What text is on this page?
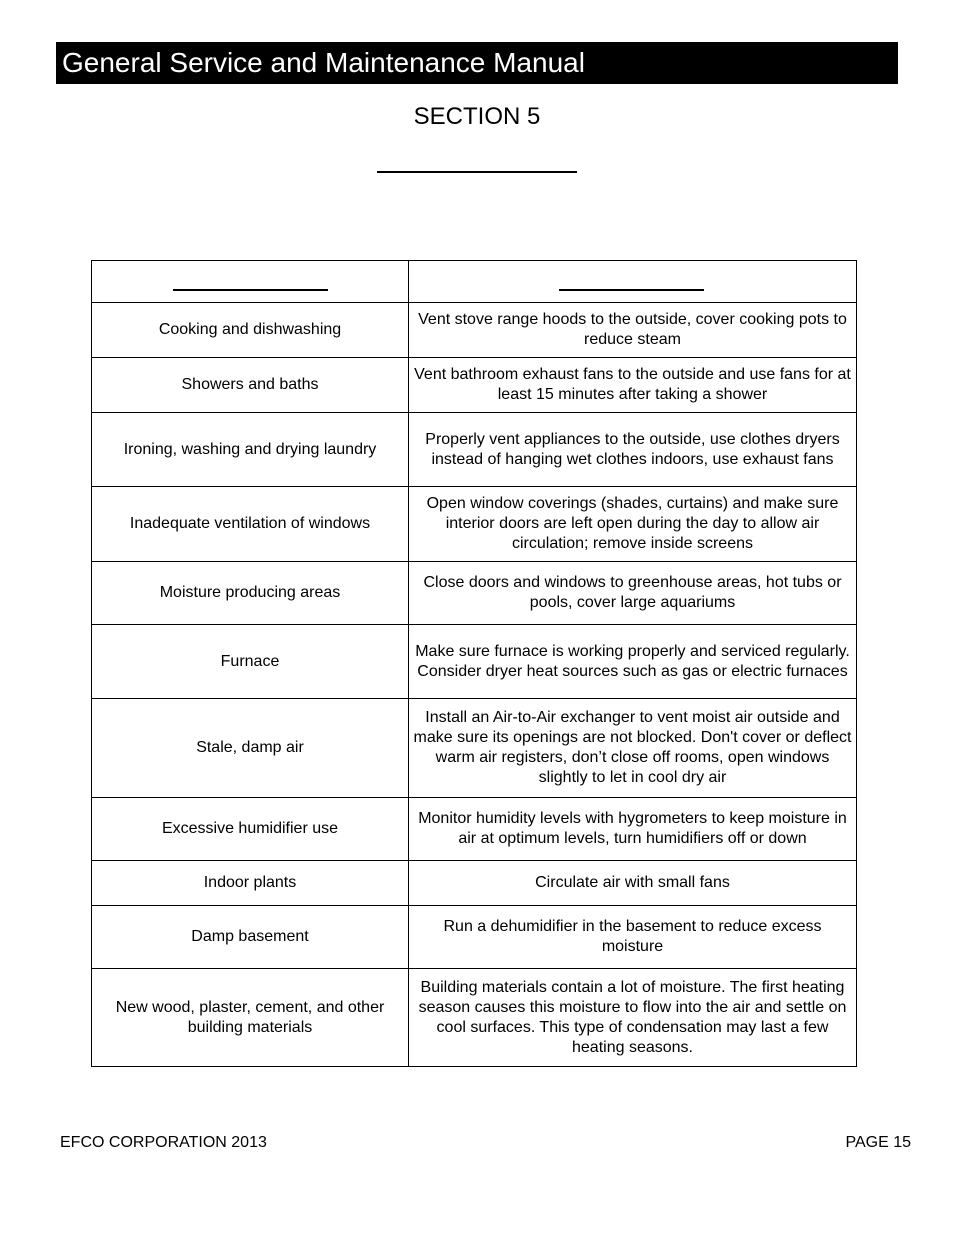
General Service and Maintenance Manual
SECTION 5

Cooking and dishwashing	Vent stove range hoods to the outside, cover cooking pots to reduce steam
Showers and baths	Vent bathroom exhaust fans to the outside and use fans for at least 15 minutes after taking a shower
Ironing, washing and drying laundry	Properly vent appliances to the outside, use clothes dryers instead of hanging wet clothes indoors, use exhaust fans
Inadequate ventilation of windows	Open window coverings (shades, curtains) and make sure interior doors are left open during the day to allow air circulation; remove inside screens
Moisture producing areas	Close doors and windows to greenhouse areas, hot tubs or pools, cover large aquariums
Furnace	Make sure furnace is working properly and serviced regularly. Consider dryer heat sources such as gas or electric furnaces
Stale, damp air	Install an Air-to-Air exchanger to vent moist air outside and make sure its openings are not blocked. Don't cover or deflect warm air registers, don’t close off rooms, open windows slightly to let in cool dry air
Excessive humidifier use	Monitor humidity levels with hygrometers to keep moisture in air at optimum levels, turn humidifiers off or down
Indoor plants	Circulate air with small fans
Damp basement	Run a dehumidifier in the basement to reduce excess moisture
New wood, plaster, cement, and other building materials	Building materials contain a lot of moisture. The first heating season causes this moisture to flow into the air and settle on cool surfaces. This type of condensation may last a few heating seasons.
EFCO CORPORATION 2013	PAGE 15
